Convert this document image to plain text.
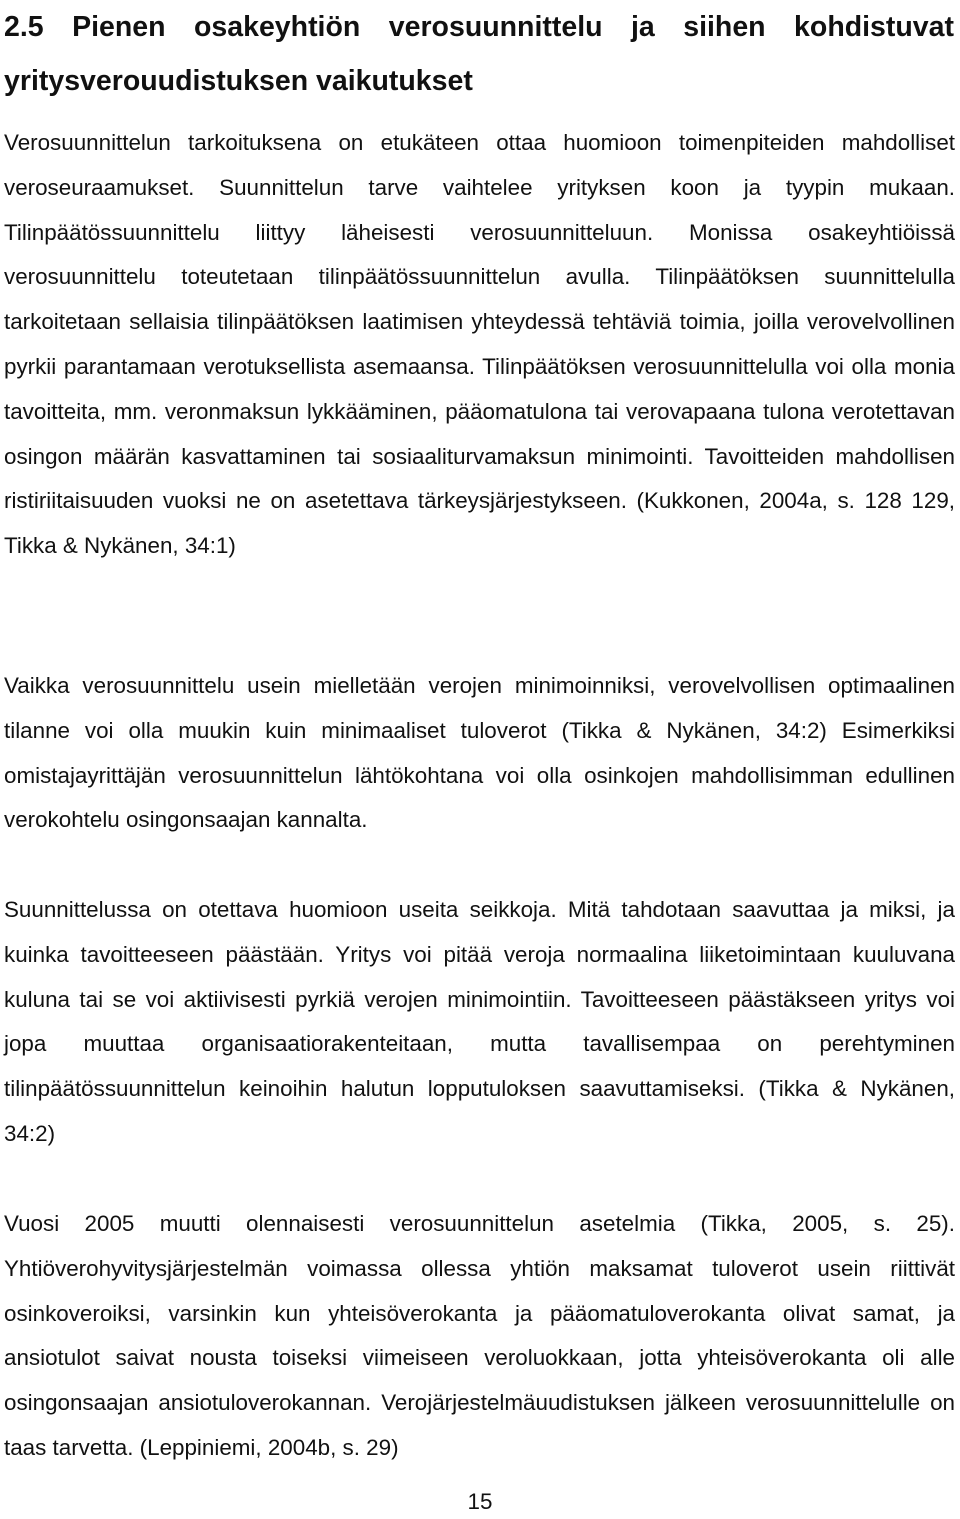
2.5 Pienen osakeyhtiön verosuunnittelu ja siihen kohdistuvat yritysverouudistuksen vaikutukset

Verosuunnittelun tarkoituksena on etukäteen ottaa huomioon toimenpiteiden mahdolliset veroseuraamukset. Suunnittelun tarve vaihtelee yrityksen koon ja tyypin mukaan. Tilinpäätössuunnittelu liittyy läheisesti verosuunnitteluun. Monissa osakeyhtiöissä verosuunnittelu toteutetaan tilinpäätössuunnittelun avulla. Tilinpäätöksen suunnittelulla tarkoitetaan sellaisia tilinpäätöksen laatimisen yhteydessä tehtäviä toimia, joilla verovelvollinen pyrkii parantamaan verotuksellista asemaansa. Tilinpäätöksen verosuunnittelulla voi olla monia tavoitteita, mm. veronmaksun lykkääminen, pääomatulona tai verovapaana tulona verotettavan osingon määrän kasvattaminen tai sosiaaliturvamaksun minimointi. Tavoitteiden mahdollisen ristiriitaisuuden vuoksi ne on asetettava tärkeysjärjestykseen. (Kukkonen, 2004a, s. 128 129, Tikka & Nykänen, 34:1)

Vaikka verosuunnittelu usein mielletään verojen minimoinniksi, verovelvollisen optimaalinen tilanne voi olla muukin kuin minimaaliset tuloverot (Tikka & Nykänen, 34:2) Esimerkiksi omistajayrittäjän verosuunnittelun lähtökohtana voi olla osinkojen mahdollisimman edullinen verokohtelu osingonsaajan kannalta.

Suunnittelussa on otettava huomioon useita seikkoja. Mitä tahdotaan saavuttaa ja miksi, ja kuinka tavoitteeseen päästään. Yritys voi pitää veroja normaalina liiketoimintaan kuuluvana kuluna tai se voi aktiivisesti pyrkiä verojen minimointiin. Tavoitteeseen päästäkseen yritys voi jopa muuttaa organisaatiorakenteitaan, mutta tavallisempaa on perehtyminen tilinpäätössuunnittelun keinoihin halutun lopputuloksen saavuttamiseksi. (Tikka & Nykänen, 34:2)

Vuosi 2005 muutti olennaisesti verosuunnittelun asetelmia (Tikka, 2005, s. 25). Yhtiöverohyvitysjärjestelmän voimassa ollessa yhtiön maksamat tuloverot usein riittivät osinkoveroiksi, varsinkin kun yhteisöverokanta ja pääomatuloverokanta olivat samat, ja ansiotulot saivat nousta toiseksi viimeiseen veroluokkaan, jotta yhteisöverokanta oli alle osingonsaajan ansiotuloverokannan. Verojärjestelmäuudistuksen jälkeen verosuunnittelulle on taas tarvetta. (Leppiniemi, 2004b, s. 29)

15
